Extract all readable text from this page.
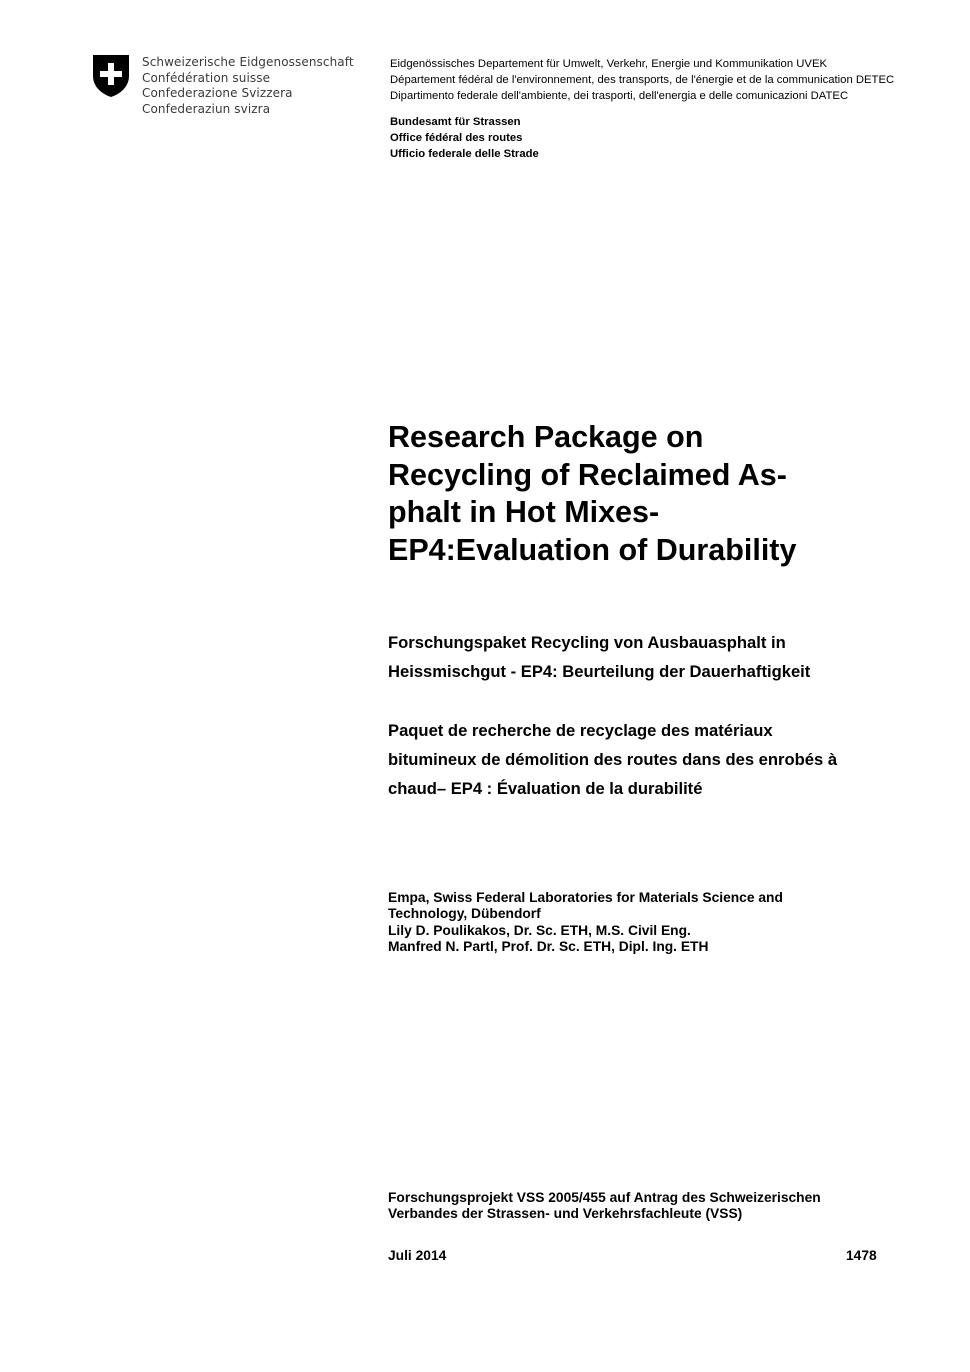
Schweizerische Eidgenossenschaft
Confédération suisse
Confederazione Svizzera
Confederaziun svizra
Eidgenössisches Departement für Umwelt, Verkehr, Energie und Kommunikation UVEK
Département fédéral de l'environnement, des transports, de l'énergie et de la communication DETEC
Dipartimento federale dell'ambiente, dei trasporti, dell'energia e delle comunicazioni DATEC
Bundesamt für Strassen
Office fédéral des routes
Ufficio federale delle Strade
Research Package on
Recycling of Reclaimed As-
phalt in Hot Mixes-
EP4:Evaluation of Durability
Forschungspaket Recycling von Ausbauasphalt in
Heissmischgut - EP4: Beurteilung der Dauerhaftigkeit
Paquet de recherche de recyclage des matériaux
bitumineux de démolition des routes dans des enrobés à
chaud– EP4 : Évaluation de la durabilité
Empa, Swiss Federal Laboratories for Materials Science and
Technology, Dübendorf
Lily D. Poulikakos, Dr. Sc. ETH, M.S. Civil Eng.
Manfred N. Partl, Prof. Dr. Sc. ETH, Dipl. Ing. ETH
Forschungsprojekt VSS 2005/455 auf Antrag des Schweizerischen
Verbandes der Strassen- und Verkehrsfachleute (VSS)
Juli 2014	1478
